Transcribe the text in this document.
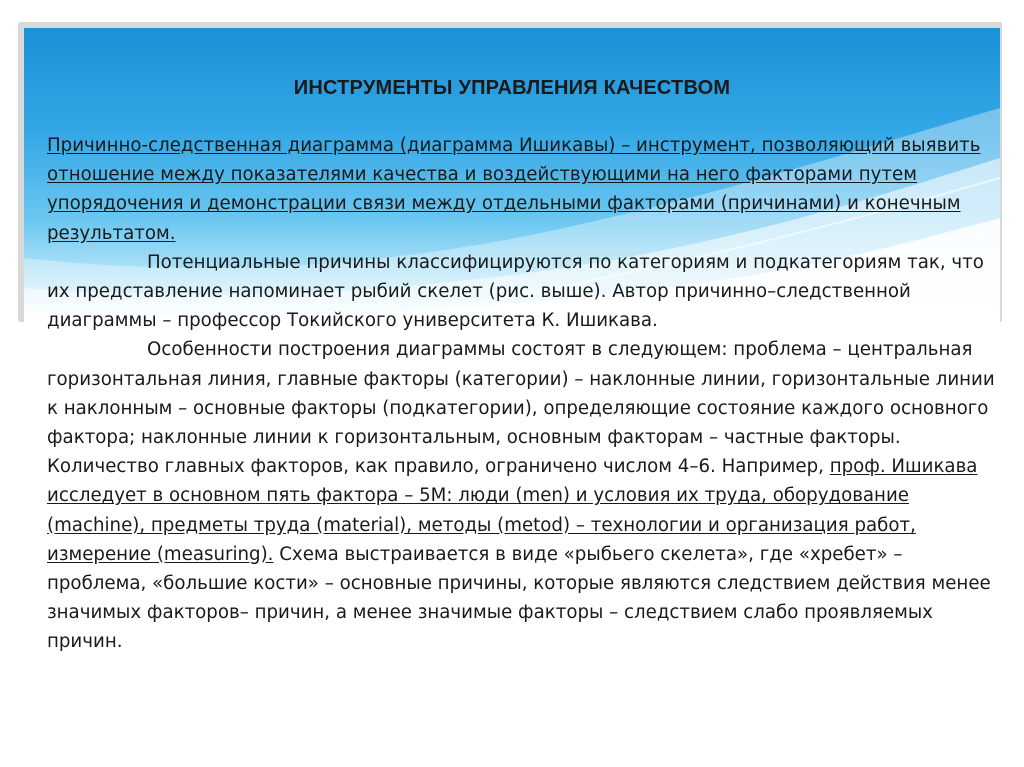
ИНСТРУМЕНТЫ УПРАВЛЕНИЯ КАЧЕСТВОМ

Причинно-следственная диаграмма (диаграмма Ишикавы) – инструмент, позволяющий выявить отношение между показателями качества и воздействующими на него факторами путем упорядочения и демонстрации связи между отдельными факторами (причинами) и конечным результатом.

Потенциальные причины классифицируются по категориям и подкатегориям так, что их представление напоминает рыбий скелет (рис. выше). Автор причинно–следственной диаграммы – профессор Токийского университета К. Ишикава.

Особенности построения диаграммы состоят в следующем: проблема – центральная горизонтальная линия, главные факторы (категории) – наклонные линии, горизонтальные линии к наклонным – основные факторы (подкатегории), определяющие состояние каждого основного фактора; наклонные линии к горизонтальным, основным факторам – частные факторы. Количество главных факторов, как правило, ограничено числом 4–6. Например, проф. Ишикава исследует в основном пять фактора – 5М: люди (men) и условия их труда, оборудование (machine), предметы труда (material), методы (metod) – технологии и организация работ, измерение (measuring). Схема выстраивается в виде «рыбьего скелета», где «хребет» – проблема, «большие кости» – основные причины, которые являются следствием действия менее значимых факторов– причин, а менее значимые факторы – следствием слабо проявляемых причин.
